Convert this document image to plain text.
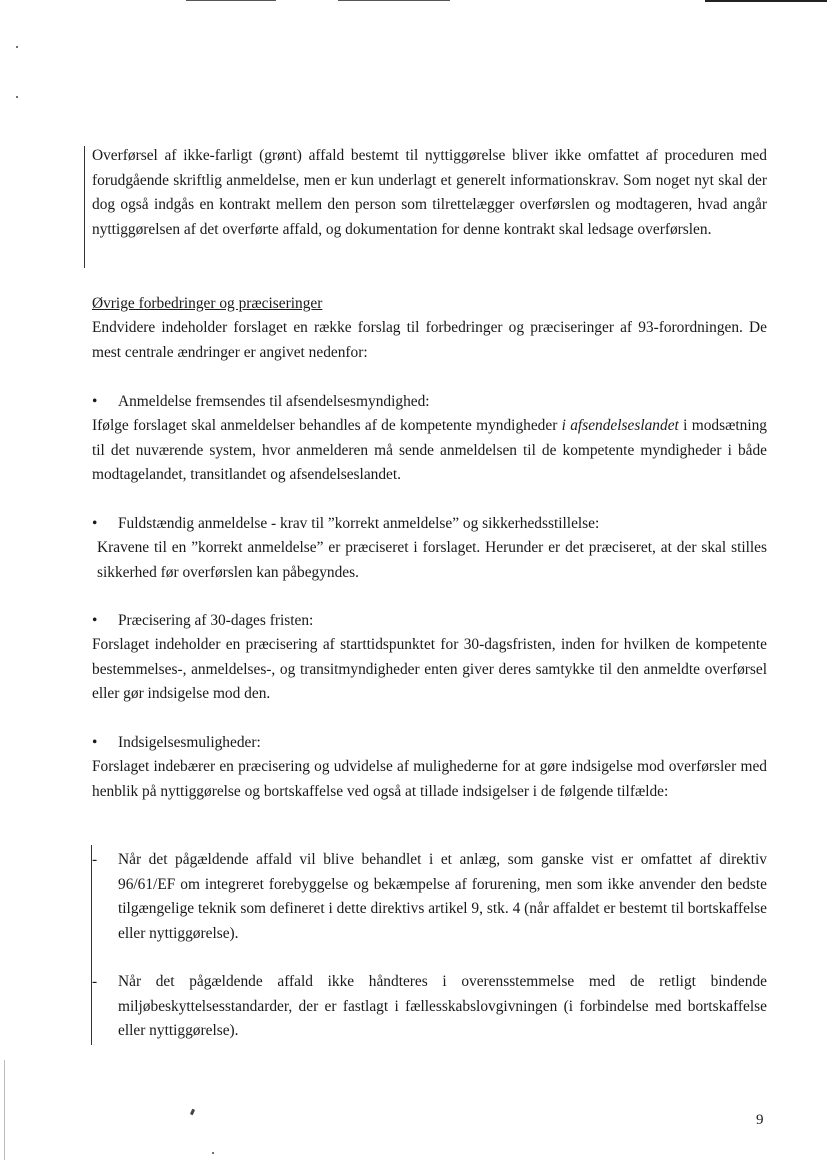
Overførsel af ikke-farligt (grønt) affald bestemt til nyttiggørelse bliver ikke omfattet af proceduren med forudgående skriftlig anmeldelse, men er kun underlagt et generelt informationskrav. Som noget nyt skal der dog også indgås en kontrakt mellem den person som tilrettelægger overførslen og modtageren, hvad angår nyttiggørelsen af det overførte affald, og dokumentation for denne kontrakt skal ledsage overførslen.

Øvrige forbedringer og præciseringer

Endvidere indeholder forslaget en række forslag til forbedringer og præciseringer af 93-forordningen. De mest centrale ændringer er angivet nedenfor:

• Anmeldelse fremsendes til afsendelsesmyndighed:

Ifølge forslaget skal anmeldelser behandles af de kompetente myndigheder i afsendelseslandet i modsætning til det nuværende system, hvor anmelderen må sende anmeldelsen til de kompetente myndigheder i både modtagelandet, transitlandet og afsendelseslandet.

• Fuldstændig anmeldelse - krav til ”korrekt anmeldelse” og sikkerhedsstillelse:

Kravene til en ”korrekt anmeldelse” er præciseret i forslaget. Herunder er det præciseret, at der skal stilles sikkerhed før overførslen kan påbegyndes.

• Præcisering af 30-dages fristen:

Forslaget indeholder en præcisering af starttidspunktet for 30-dagsfristen, inden for hvilken de kompetente bestemmelses-, anmeldelses-, og transitmyndigheder enten giver deres samtykke til den anmeldte overførsel eller gør indsigelse mod den.

• Indsigelsesmuligheder:

Forslaget indebærer en præcisering og udvidelse af mulighederne for at gøre indsigelse mod overførsler med henblik på nyttiggørelse og bortskaffelse ved også at tillade indsigelser i de følgende tilfælde:

- Når det pågældende affald vil blive behandlet i et anlæg, som ganske vist er omfattet af direktiv 96/61/EF om integreret forebyggelse og bekæmpelse af forurening, men som ikke anvender den bedste tilgængelige teknik som defineret i dette direktivs artikel 9, stk. 4 (når affaldet er bestemt til bortskaffelse eller nyttiggørelse).

- Når det pågældende affald ikke håndteres i overensstemmelse med de retligt bindende miljøbeskyttelsesstandarder, der er fastlagt i fællesskabslovgivningen (i forbindelse med bortskaffelse eller nyttiggørelse).

9
